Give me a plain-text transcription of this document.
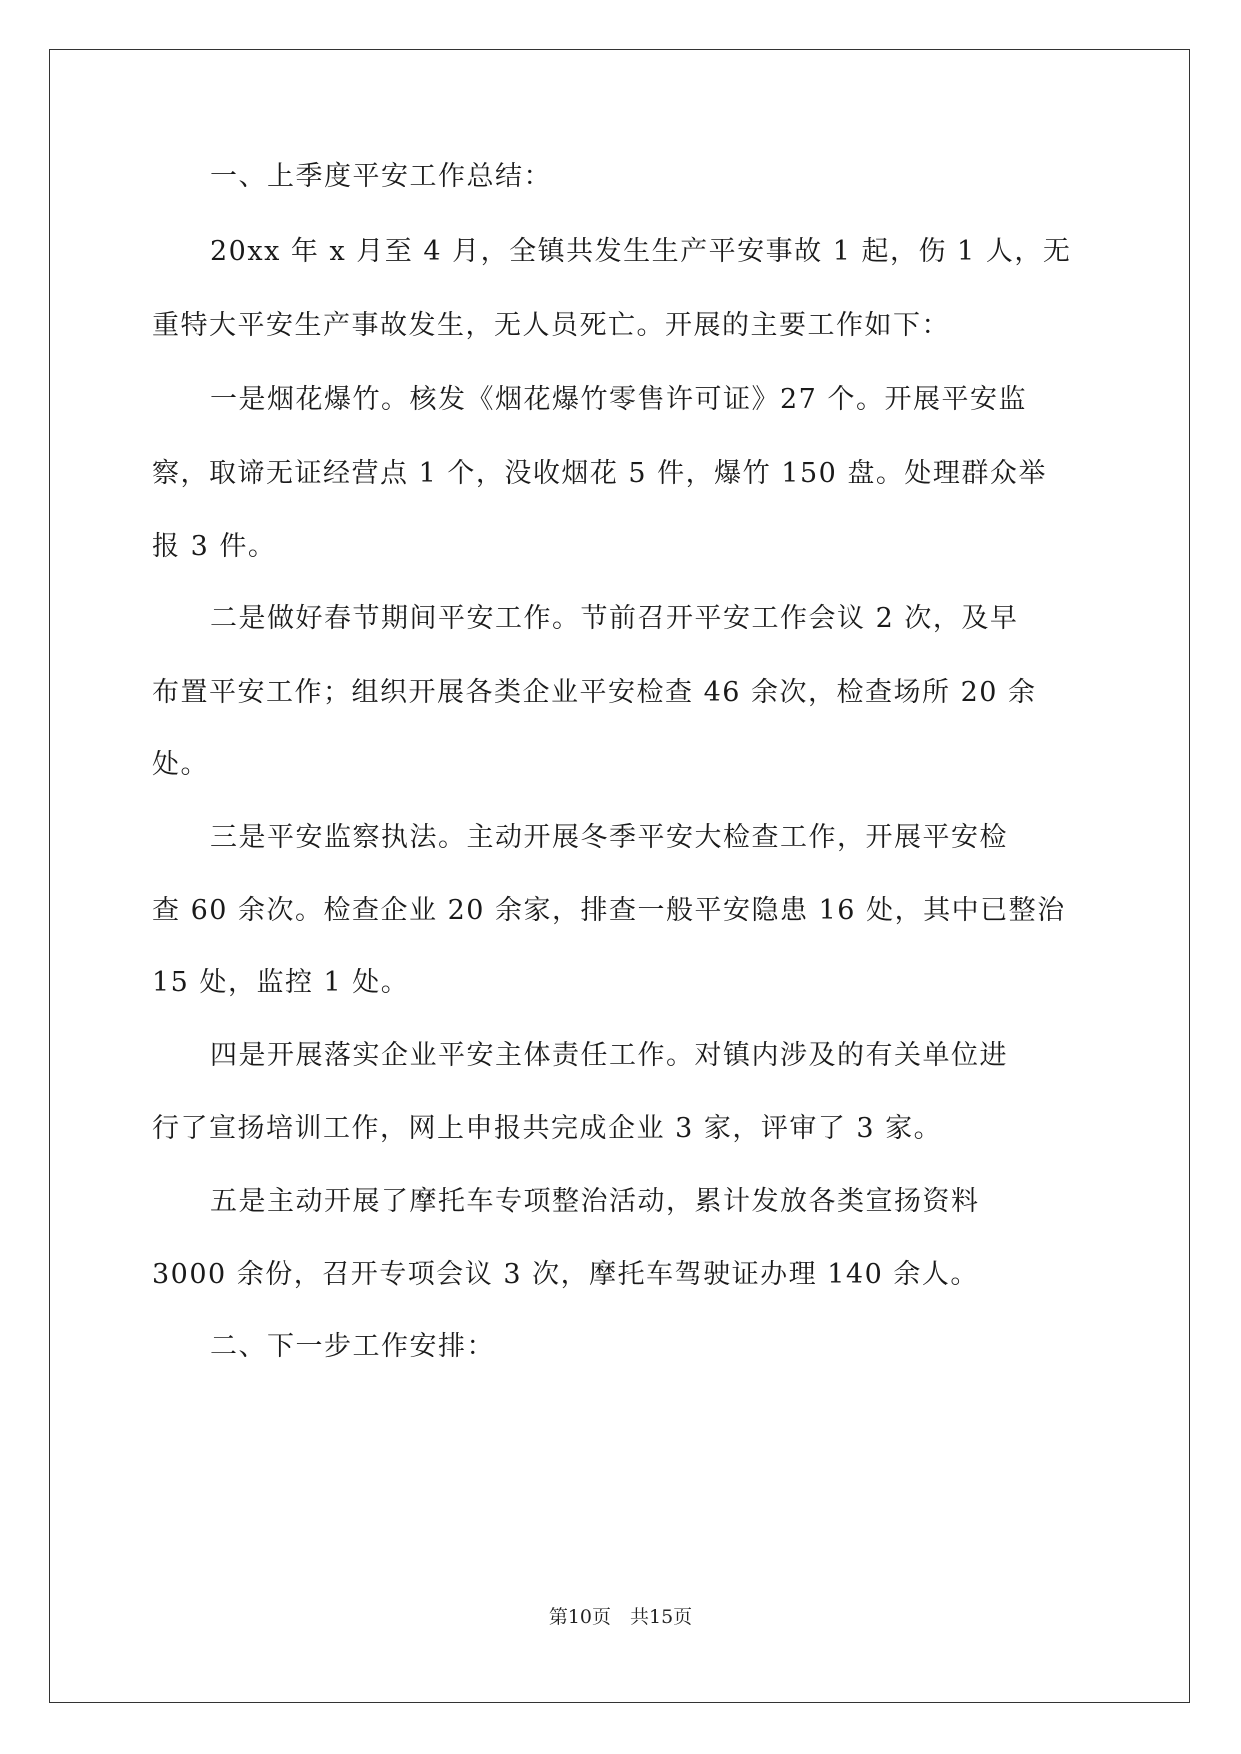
一、上季度平安工作总结：

20xx 年 x 月至 4 月，全镇共发生生产平安事故 1 起，伤 1 人，无

重特大平安生产事故发生，无人员死亡。开展的主要工作如下：

一是烟花爆竹。核发《烟花爆竹零售许可证》27 个。开展平安监

察，取谛无证经营点 1 个，没收烟花 5 件，爆竹 150 盘。处理群众举

报 3 件。

二是做好春节期间平安工作。节前召开平安工作会议 2 次，及早

布置平安工作；组织开展各类企业平安检查 46 余次，检查场所 20 余

处。

三是平安监察执法。主动开展冬季平安大检查工作，开展平安检

查 60 余次。检查企业 20 余家，排查一般平安隐患 16 处，其中已整治

15 处，监控 1 处。

四是开展落实企业平安主体责任工作。对镇内涉及的有关单位进

行了宣扬培训工作，网上申报共完成企业 3 家，评审了 3 家。

五是主动开展了摩托车专项整治活动，累计发放各类宣扬资料

3000 余份，召开专项会议 3 次，摩托车驾驶证办理 140 余人。

二、下一步工作安排：

第10页　共15页
